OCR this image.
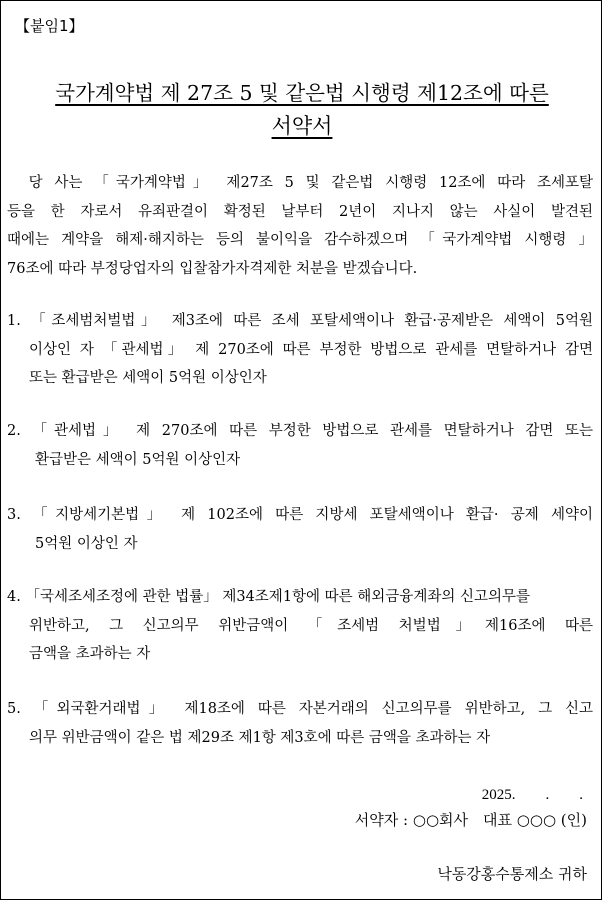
【붙임1】
국가계약법 제 27조 5 및 같은법 시행령 제12조에 따른
서약서
　당 사는 「국가계약법」 제27조 5 및 같은법 시행령 12조에 따라 조세포탈
등을 한 자로서 유죄판결이 확정된 날부터 2년이 지나지 않는 사실이 발견된
때에는 계약을 해제·해지하는 등의 불이익을 감수하겠으며 「국가계약법 시행령 」
76조에 따라 부정당업자의 입찰참가자격제한 처분을 받겠습니다.
1. 「조세범처벌법」 제3조에 따른 조세 포탈세액이나 환급·공제받은 세액이 5억원
이상인 자 「관세법」 제 270조에 따른 부정한 방법으로 관세를 면탈하거나 감면
또는 환급받은 세액이 5억원 이상인자
2. 「관세법」 제 270조에 따른 부정한 방법으로 관세를 면탈하거나 감면 또는
환급받은 세액이 5억원 이상인자
3. 「지방세기본법」 제 102조에 따른 지방세 포탈세액이나 환급· 공제 세약이
5억원 이상인 자
4. 「국세조세조정에 관한 법률」 제34조제1항에 따른 해외금융계좌의 신고의무를
위반하고, 그 신고의무 위반금액이 「조세범 처벌법」제16조에 따른
금액을 초과하는 자
5. 「외국환거래법」 제18조에 따른 자본거래의 신고의무를 위반하고, 그 신고
의무 위반금액이 같은 법 제29조 제1항 제3호에 따른 금액을 초과하는 자
2025.　　.　　.
서약자 : ○○회사　대표 ○○○ (인)
낙동강홍수통제소 귀하
